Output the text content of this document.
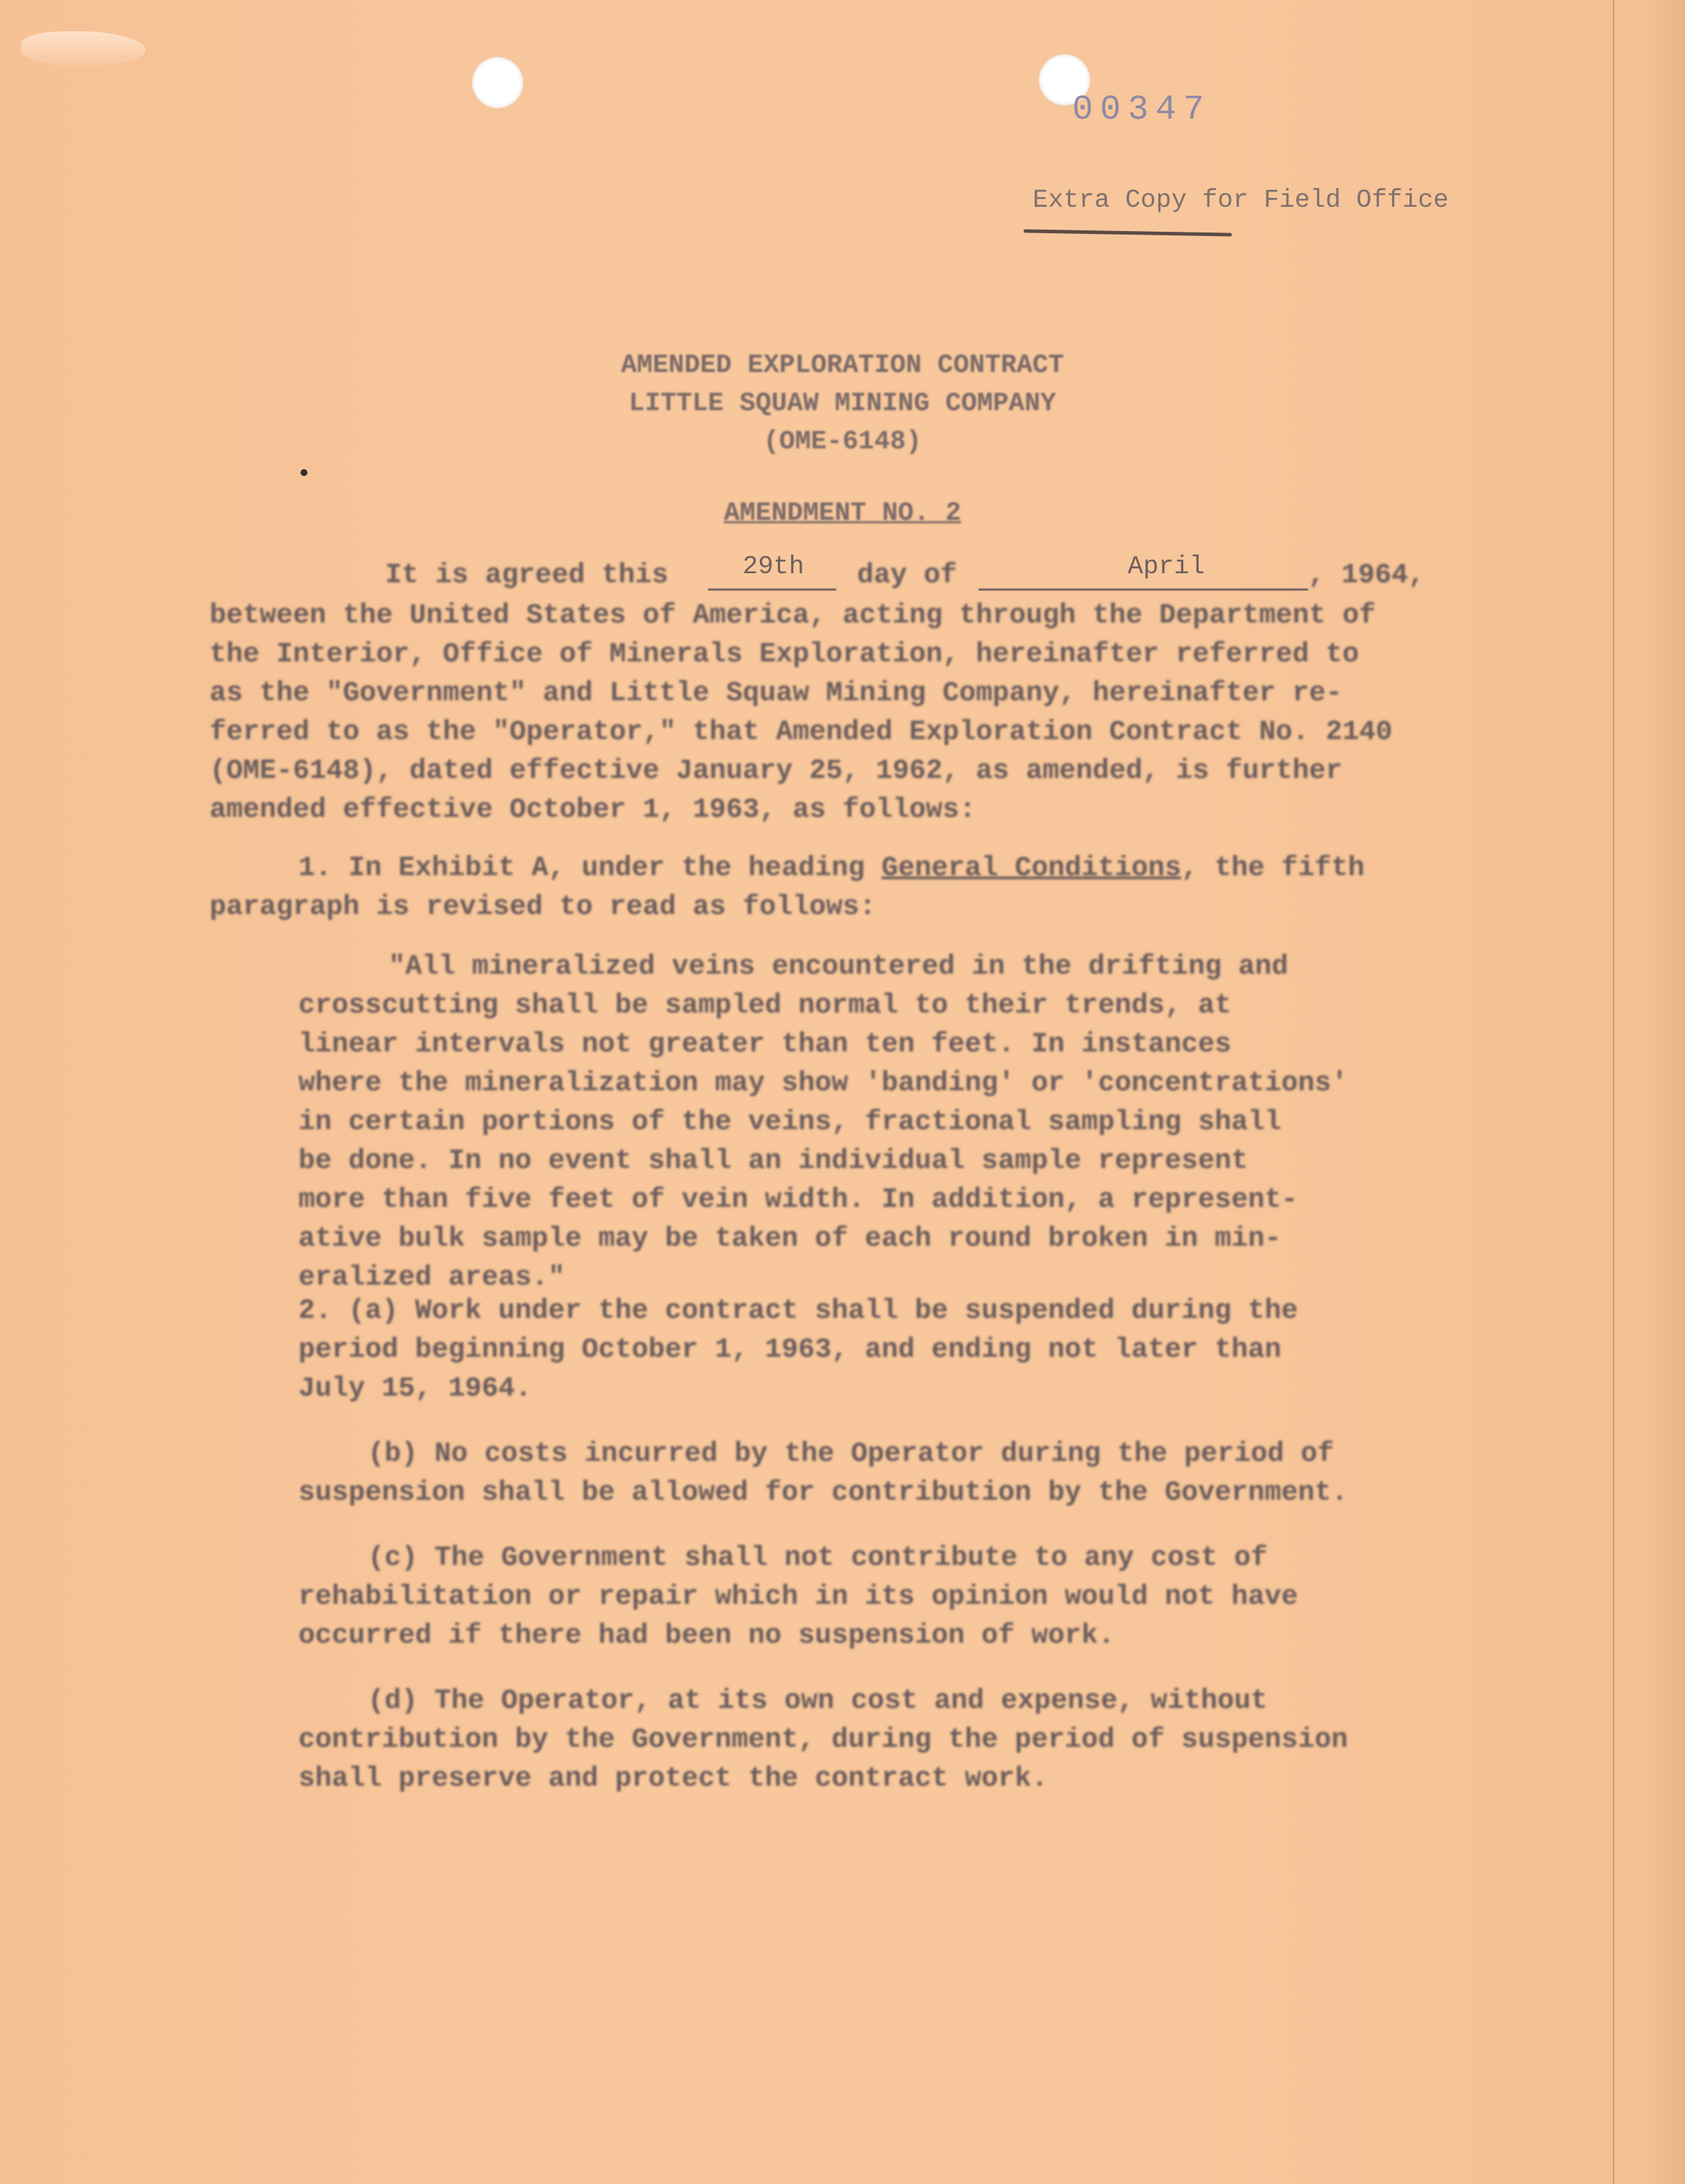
00347
Extra Copy for Field Office
AMENDED EXPLORATION CONTRACT
LITTLE SQUAW MINING COMPANY
(OME-6148)
AMENDMENT NO. 2
It is agreed this	29th day of	April	, 1964,
between the United States of America, acting through the Department of
the Interior, Office of Minerals Exploration, hereinafter referred to
as the "Government" and Little Squaw Mining Company, hereinafter re-
ferred to as the "Operator," that Amended Exploration Contract No. 2140
(OME-6148), dated effective January 25, 1962, as amended, is further
amended effective October 1, 1963, as follows:
1. In Exhibit A, under the heading General Conditions, the fifth
paragraph is revised to read as follows:
"All mineralized veins encountered in the drifting and
crosscutting shall be sampled normal to their trends, at
linear intervals not greater than ten feet. In instances
where the mineralization may show 'banding' or 'concentrations'
in certain portions of the veins, fractional sampling shall
be done. In no event shall an individual sample represent
more than five feet of vein width. In addition, a represent-
ative bulk sample may be taken of each round broken in min-
eralized areas."
2. (a) Work under the contract shall be suspended during the
period beginning October 1, 1963, and ending not later than
July 15, 1964.
(b) No costs incurred by the Operator during the period of
suspension shall be allowed for contribution by the Government.
(c) The Government shall not contribute to any cost of
rehabilitation or repair which in its opinion would not have
occurred if there had been no suspension of work.
(d) The Operator, at its own cost and expense, without
contribution by the Government, during the period of suspension
shall preserve and protect the contract work.
